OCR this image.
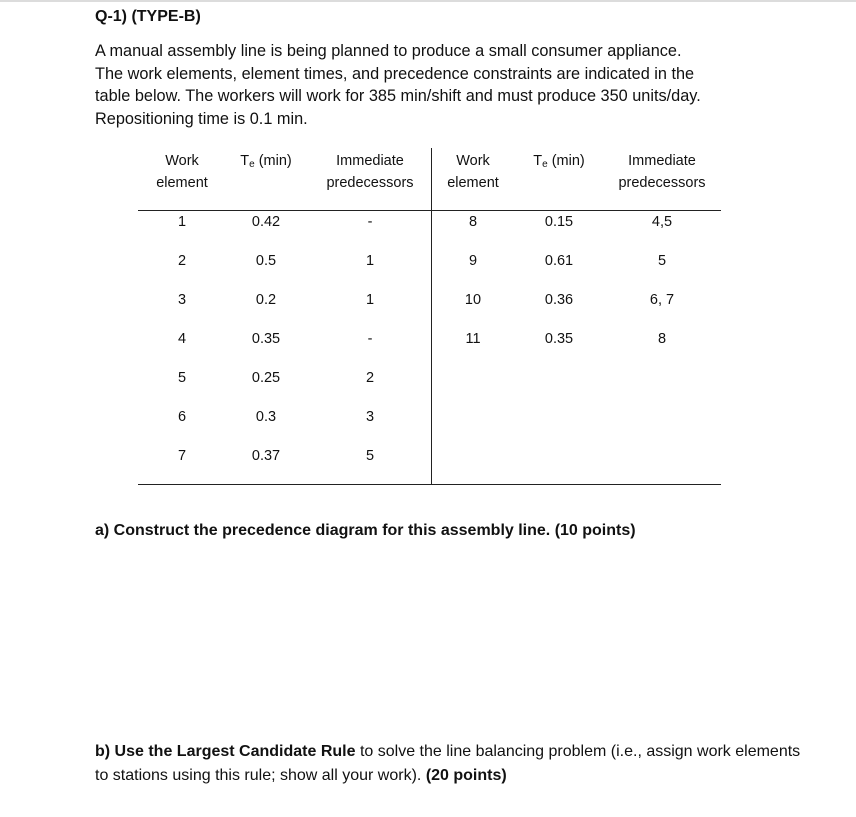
Q-1) (TYPE-B)
A manual assembly line is being planned to produce a small consumer appliance.
The work elements, element times, and precedence constraints are indicated in the
table below. The workers will work for 385 min/shift and must produce 350 units/day.
Repositioning time is 0.1 min.
Work
element
$T_e$ (min)	Immediate
predecessors
Work
element
$T_e$ (min)	Immediate
predecessors
1	0.42	-
2	0.5	1
3	0.2	1
4	0.35	-
5	0.25	2
6	0.3	3
7	0.37	5
8	0.15	4,5
9	0.61	5
10	0.36	6, 7
11	0.35	8
a) Construct the precedence diagram for this assembly line. (10 points)
b) Use the Largest Candidate Rule to solve the line balancing problem (i.e., assign work elements to stations using this rule; show all your work). (20 points)
